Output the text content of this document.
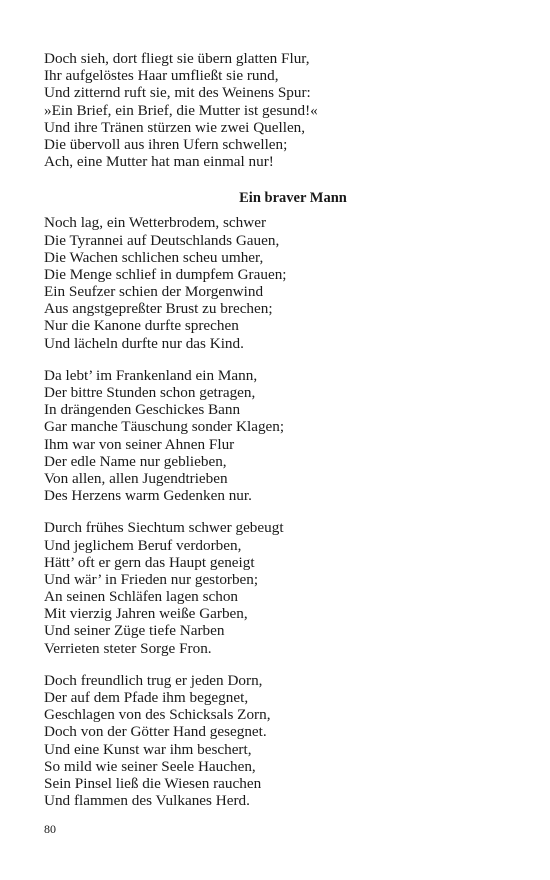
Doch sieh, dort fliegt sie übern glatten Flur,
Ihr aufgelöstes Haar umfließt sie rund,
Und zitternd ruft sie, mit des Weinens Spur:
»Ein Brief, ein Brief, die Mutter ist gesund!«
Und ihre Tränen stürzen wie zwei Quellen,
Die übervoll aus ihren Ufern schwellen;
Ach, eine Mutter hat man einmal nur!
Ein braver Mann
Noch lag, ein Wetterbrodem, schwer
Die Tyrannei auf Deutschlands Gauen,
Die Wachen schlichen scheu umher,
Die Menge schlief in dumpfem Grauen;
Ein Seufzer schien der Morgenwind
Aus angstgepreßter Brust zu brechen;
Nur die Kanone durfte sprechen
Und lächeln durfte nur das Kind.
Da lebt’ im Frankenland ein Mann,
Der bittre Stunden schon getragen,
In drängenden Geschickes Bann
Gar manche Täuschung sonder Klagen;
Ihm war von seiner Ahnen Flur
Der edle Name nur geblieben,
Von allen, allen Jugendtrieben
Des Herzens warm Gedenken nur.
Durch frühes Siechtum schwer gebeugt
Und jeglichem Beruf verdorben,
Hätt’ oft er gern das Haupt geneigt
Und wär’ in Frieden nur gestorben;
An seinen Schläfen lagen schon
Mit vierzig Jahren weiße Garben,
Und seiner Züge tiefe Narben
Verrieten steter Sorge Fron.
Doch freundlich trug er jeden Dorn,
Der auf dem Pfade ihm begegnet,
Geschlagen von des Schicksals Zorn,
Doch von der Götter Hand gesegnet.
Und eine Kunst war ihm beschert,
So mild wie seiner Seele Hauchen,
Sein Pinsel ließ die Wiesen rauchen
Und flammen des Vulkanes Herd.
80
